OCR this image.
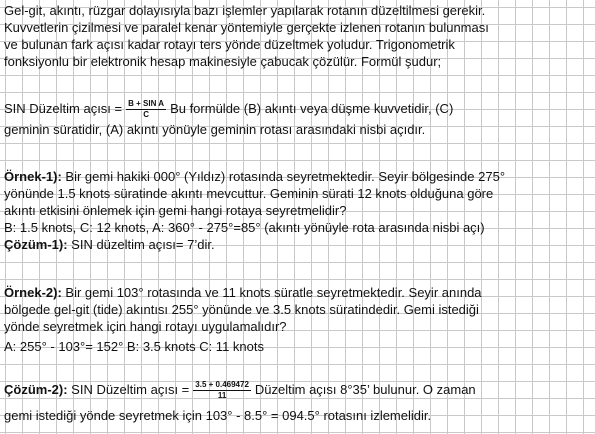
Gel-git, akıntı, rüzgar dolayısıyla bazı işlemler yapılarak rotanın düzeltilmesi gerekir.
Kuvvetlerin çizilmesi ve paralel kenar yöntemiyle gerçekte izlenen rotanın bulunması
ve bulunan fark açısı kadar rotayı ters yönde düzeltmek yoludur. Trigonometrik
fonksiyonlu bir elektronik hesap makinesiyle çabucak çözülür. Formül şudur;
SIN Düzeltim açısı = $\frac{\text{B + SIN A}}{C}$ Bu formülde (B) akıntı veya düşme kuvvetidir, (C)
geminin süratidir, (A) akıntı yönüyle geminin rotası arasındaki nisbi açıdır.
Örnek-1): Bir gemi hakiki 000° (Yıldız) rotasında seyretmektedir. Seyir bölgesinde 275°
yönünde 1.5 knots süratinde akıntı mevcuttur. Geminin sürati 12 knots olduğuna göre
akıntı etkisini önlemek için gemi hangi rotaya seyretmelidir?
B: 1.5 knots, C: 12 knots, A: 360° - 275°=85° (akıntı yönüyle rota arasında nisbi açı)
Çözüm-1): SIN düzeltim açısı= 7’dir.
Örnek-2): Bir gemi 103° rotasında ve 11 knots süratle seyretmektedir. Seyir anında
bölgede gel-git (tide) akıntısı 255° yönünde ve 3.5 knots süratindedir. Gemi istediği
yönde seyretmek için hangi rotayı uygulamalıdır?
A: 255° - 103°= 152° B: 3.5 knots C: 11 knots
Çözüm-2): SIN Düzeltim açısı = $\frac{3.5 + 0.469472}{11}$ Düzeltim açısı 8°35’ bulunur. O zaman
gemi istediği yönde seyretmek için 103° - 8.5° = 094.5° rotasını izlemelidir.
